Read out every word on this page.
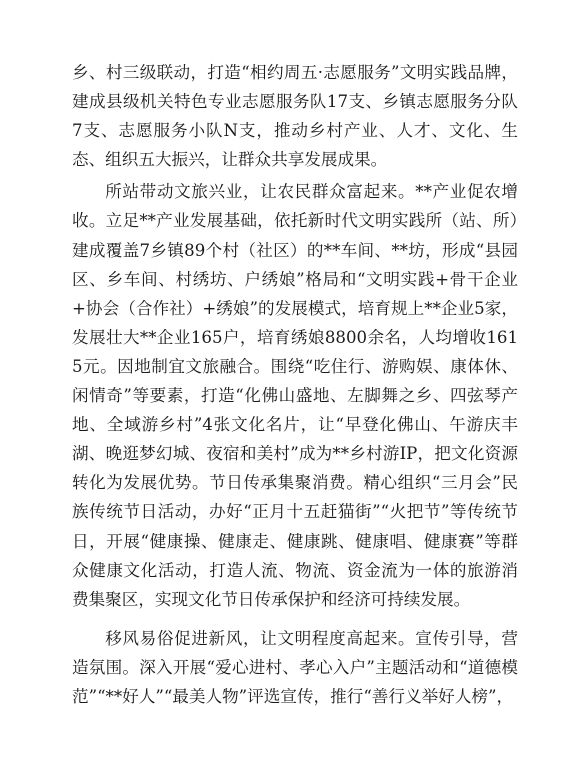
乡、村三级联动，打造“相约周五·志愿服务”文明实践品牌，建成县级机关特色专业志愿服务队17支、乡镇志愿服务分队7支、志愿服务小队N支，推动乡村产业、人才、文化、生态、组织五大振兴，让群众共享发展成果。

所站带动文旅兴业，让农民群众富起来。**产业促农增收。立足**产业发展基础，依托新时代文明实践所（站、所）建成覆盖7乡镇89个村（社区）的**车间、**坊，形成“县园区、乡车间、村绣坊、户绣娘”格局和“文明实践+骨干企业+协会（合作社）+绣娘”的发展模式，培育规上**企业5家，发展壮大**企业165户，培育绣娘8800余名，人均增收1615元。因地制宜文旅融合。围绕“吃住行、游购娱、康体休、闲情奇”等要素，打造“化佛山盛地、左脚舞之乡、四弦琴产地、全域游乡村”4张文化名片，让“早登化佛山、午游庆丰湖、晚逛梦幻城、夜宿和美村”成为**乡村游IP，把文化资源转化为发展优势。节日传承集聚消费。精心组织“三月会”民族传统节日活动，办好“正月十五赶猫街”“火把节”等传统节日，开展“健康操、健康走、健康跳、健康唱、健康赛”等群众健康文化活动，打造人流、物流、资金流为一体的旅游消费集聚区，实现文化节日传承保护和经济可持续发展。

移风易俗促进新风，让文明程度高起来。宣传引导，营造氛围。深入开展“爱心进村、孝心入户”主题活动和“道德模范”“**好人”“最美人物”评选宣传，推行“善行义举好人榜”，
